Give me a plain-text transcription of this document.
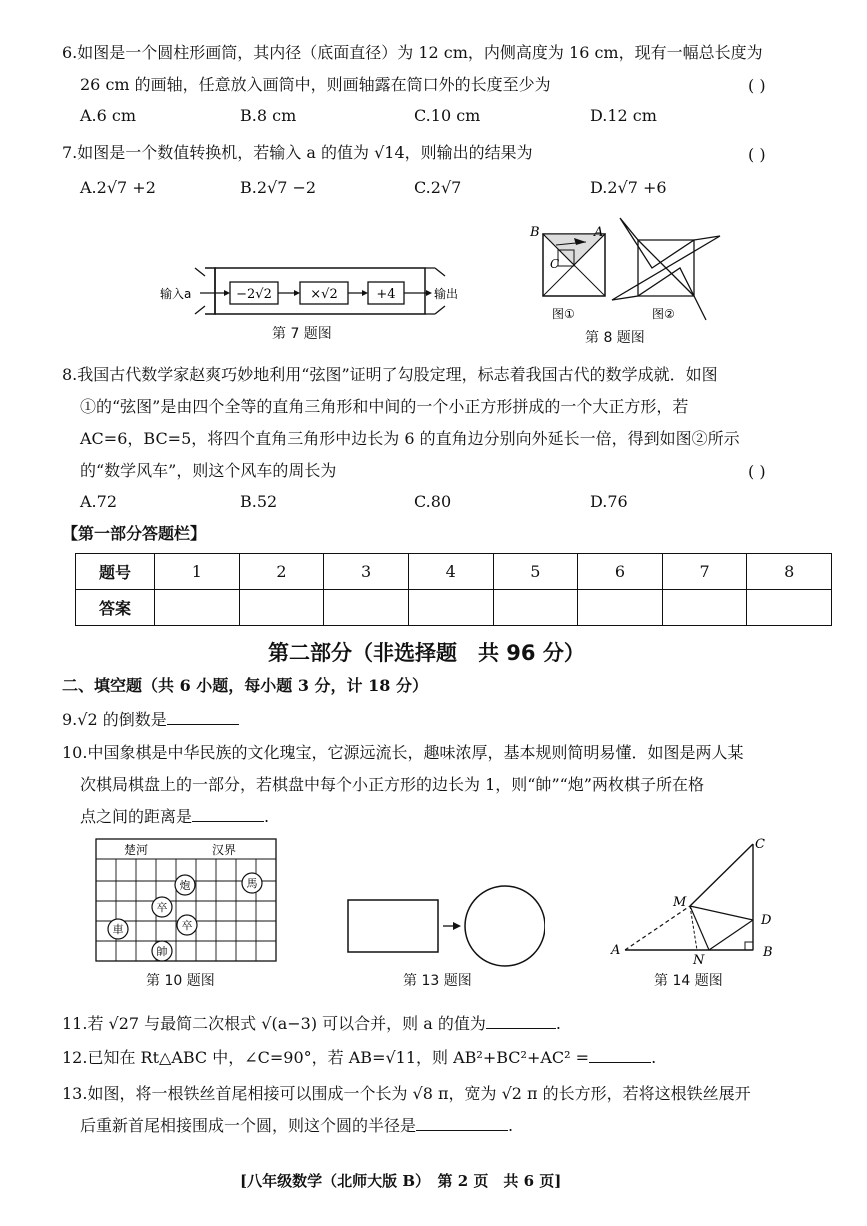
6.如图是一个圆柱形画筒，其内径（底面直径）为 12 cm，内侧高度为 16 cm，现有一幅总长度为
26 cm 的画轴，任意放入画筒中，则画轴露在筒口外的长度至少为	( )
A.6 cm	B.8 cm	C.10 cm	D.12 cm
7.如图是一个数值转换机，若输入 a 的值为 √14，则输出的结果为	( )
A.2√7 +2	B.2√7 −2	C.2√7	D.2√7 +6
输入a	−2√2	×√2	+4	输出
第 7 题图
B	A
C
图①	图②
第 8 题图
8.我国古代数学家赵爽巧妙地利用“弦图”证明了勾股定理，标志着我国古代的数学成就．如图
①的“弦图”是由四个全等的直角三角形和中间的一个小正方形拼成的一个大正方形，若
AC=6，BC=5，将四个直角三角形中边长为 6 的直角边分别向外延长一倍，得到如图②所示
的“数学风车”，则这个风车的周长为	( )
A.72	B.52	C.80	D.76
【第一部分答题栏】
题号	1	2	3	4	5	6	7	8
答案								
第二部分（非选择题　共 96 分）
二、填空题（共 6 小题，每小题 3 分，计 18 分）
9.√2 的倒数是
10.中国象棋是中华民族的文化瑰宝，它源远流长，趣味浓厚，基本规则简明易懂．如图是两人某
次棋局棋盘上的一部分，若棋盘中每个小正方形的边长为 1，则“帥”“炮”两枚棋子所在格
点之间的距离是	.
楚河	汉界
炮	馬
卒
卒
車
帥
第 10 题图	第 13 题图
C
M
D
A
N
B
第 14 题图
11.若 √27 与最简二次根式 √(a−3) 可以合并，则 a 的值为	.
12.已知在 Rt△ABC 中，∠C=90°，若 AB=√11，则 AB²+BC²+AC² =	.
13.如图，将一根铁丝首尾相接可以围成一个长为 √8 π，宽为 √2 π 的长方形，若将这根铁丝展开
后重新首尾相接围成一个圆，则这个圆的半径是	.
[八年级数学（北师大版 B）　第 2 页　共 6 页]
